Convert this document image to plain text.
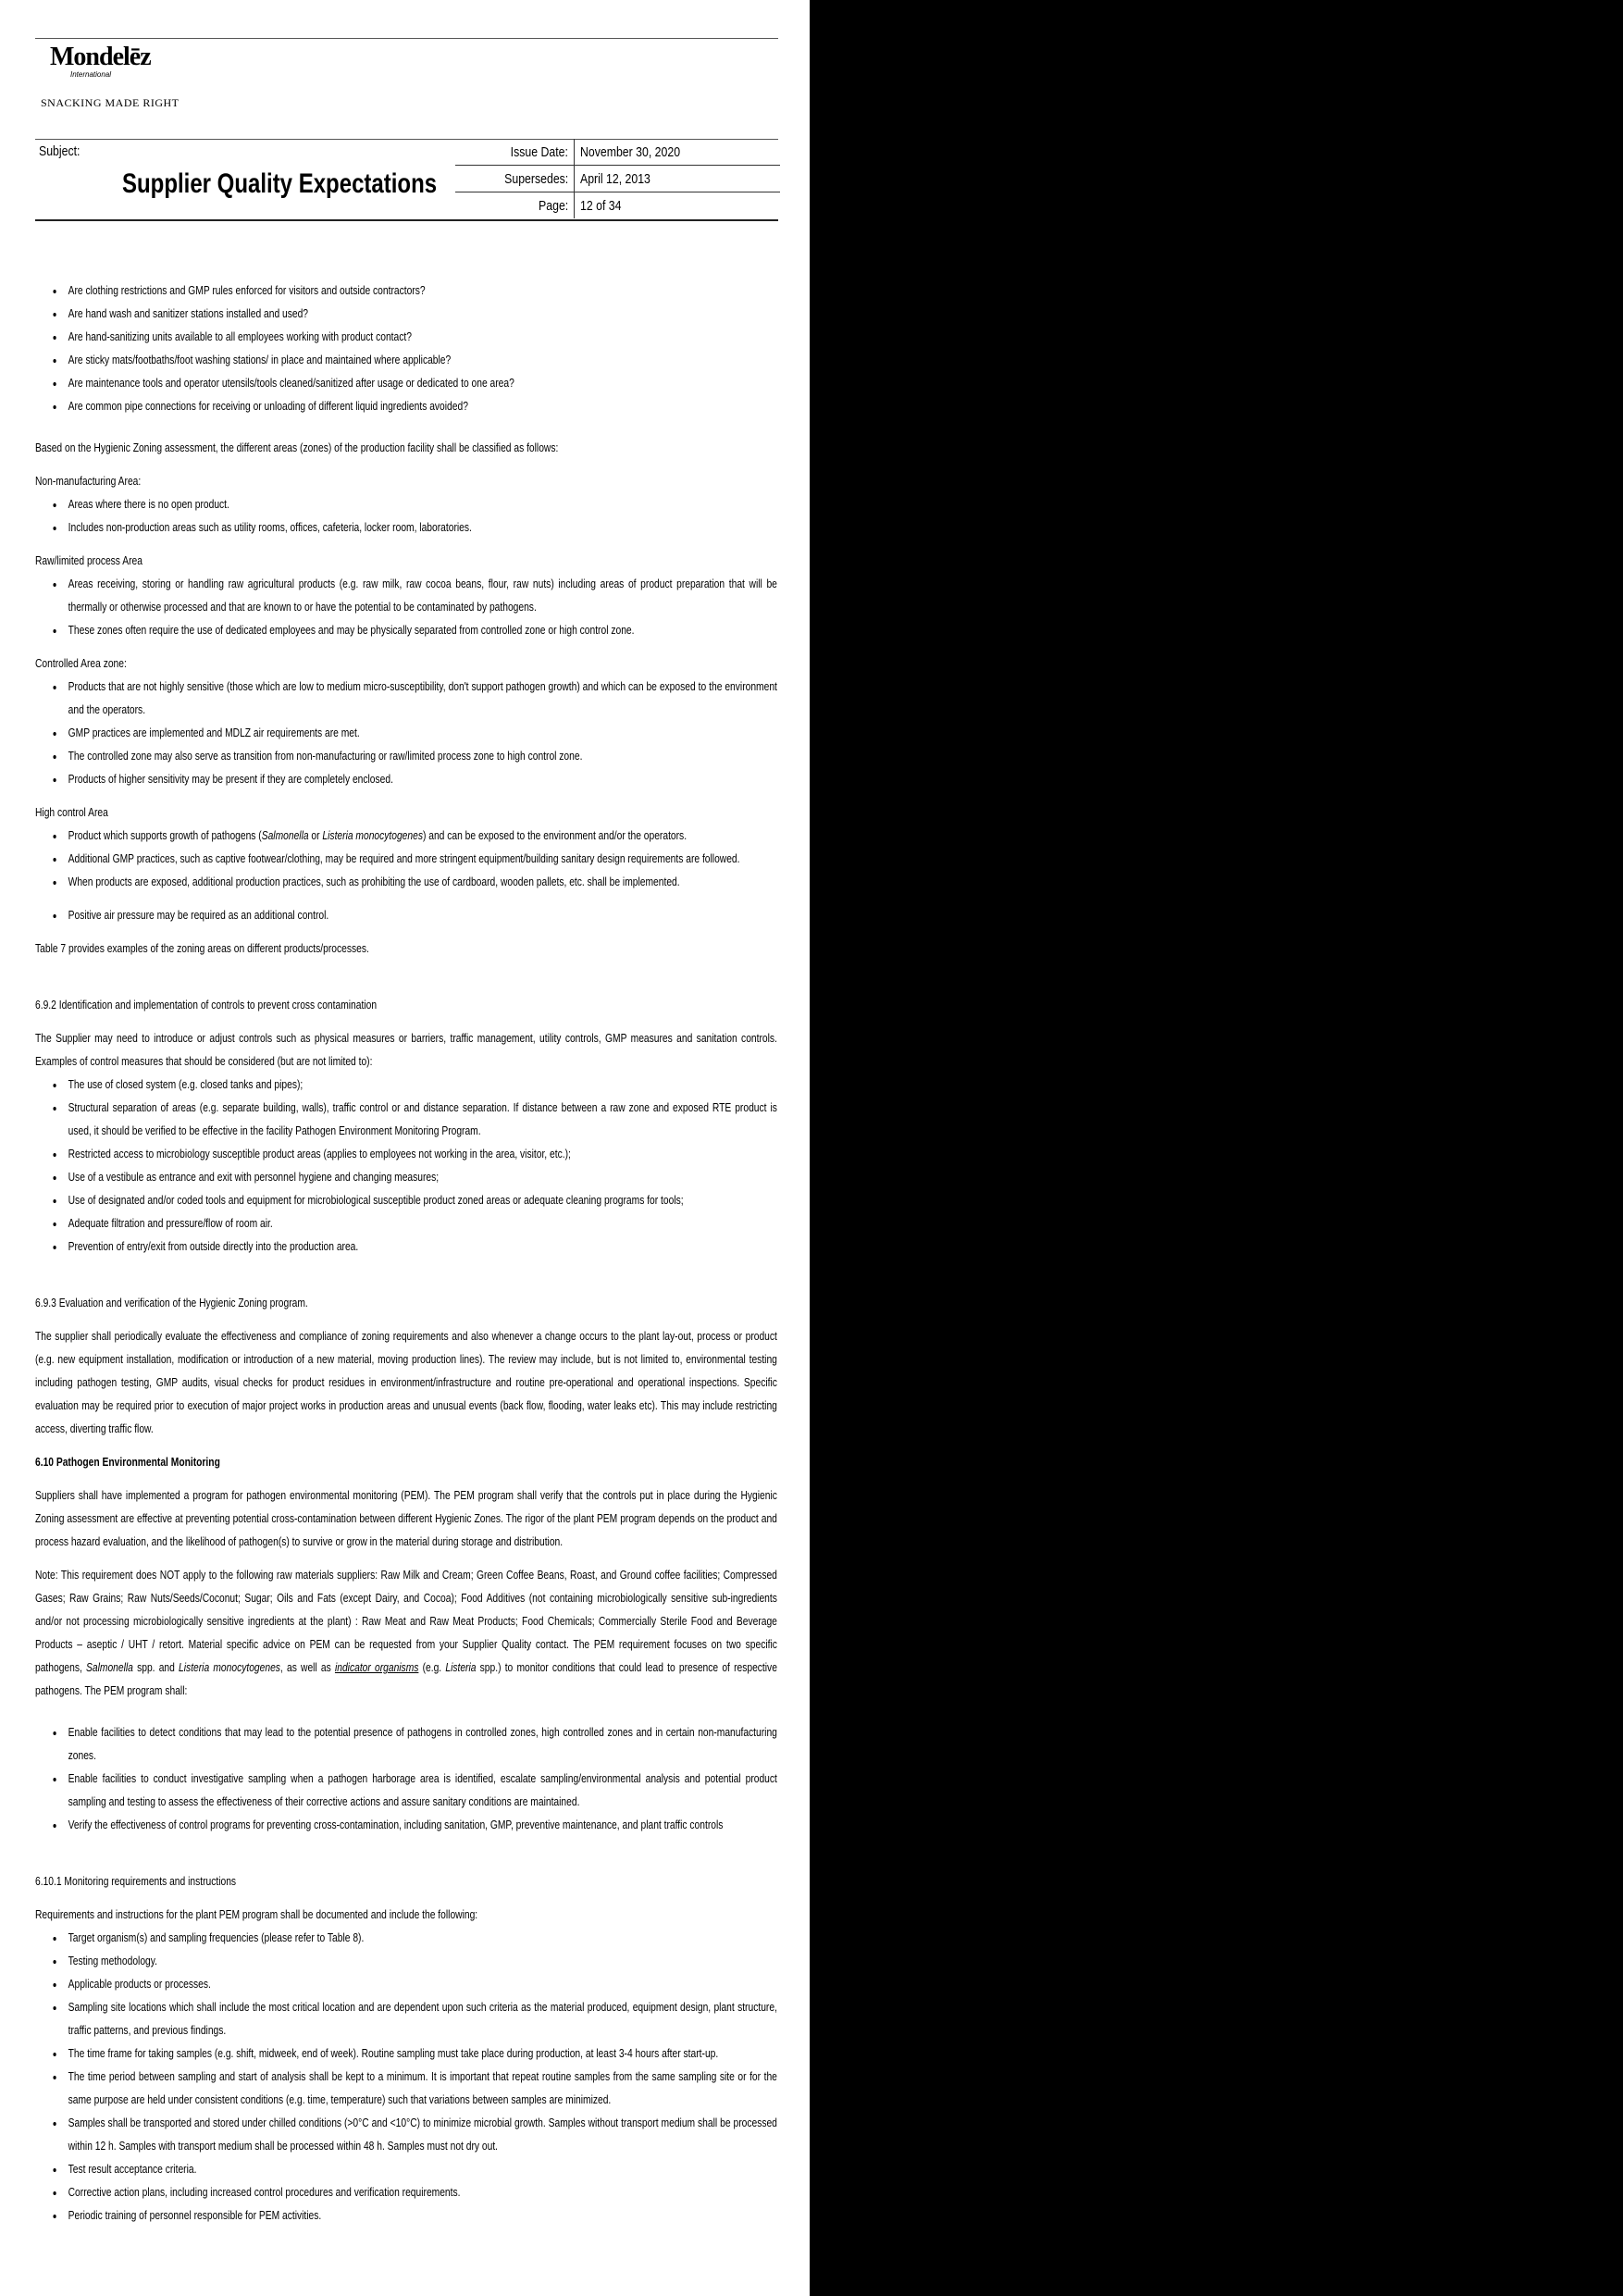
Mondelēz
International
SNACKING MADE RIGHT
Subject:
Supplier Quality Expectations
Issue Date:	November 30, 2020
Supersedes:	April 12, 2013
Page:	12 of 34
• Are clothing restrictions and GMP rules enforced for visitors and outside contractors?
• Are hand wash and sanitizer stations installed and used?
• Are hand-sanitizing units available to all employees working with product contact?
• Are sticky mats/footbaths/foot washing stations/ in place and maintained where applicable?
• Are maintenance tools and operator utensils/tools cleaned/sanitized after usage or dedicated to one area?
• Are common pipe connections for receiving or unloading of different liquid ingredients avoided?

Based on the Hygienic Zoning assessment, the different areas (zones) of the production facility shall be classified as follows:

Non-manufacturing Area:

• Areas where there is no open product.
• Includes non-production areas such as utility rooms, offices, cafeteria, locker room, laboratories.

Raw/limited process Area

• Areas receiving, storing or handling raw agricultural products (e.g. raw milk, raw cocoa beans, flour, raw nuts) including areas of product preparation that will be thermally or otherwise processed and that are known to or have the potential to be contaminated by pathogens.
• These zones often require the use of dedicated employees and may be physically separated from controlled zone or high control zone.

Controlled Area zone:

• Products that are not highly sensitive (those which are low to medium micro-susceptibility, don't support pathogen growth) and which can be exposed to the environment and the operators.
• GMP practices are implemented and MDLZ air requirements are met.
• The controlled zone may also serve as transition from non-manufacturing or raw/limited process zone to high control zone.
• Products of higher sensitivity may be present if they are completely enclosed.

High control Area

• Product which supports growth of pathogens (Salmonella or Listeria monocytogenes) and can be exposed to the environment and/or the operators.
• Additional GMP practices, such as captive footwear/clothing, may be required and more stringent equipment/building sanitary design requirements are followed.
• When products are exposed, additional production practices, such as prohibiting the use of cardboard, wooden pallets, etc. shall be implemented.
• Positive air pressure may be required as an additional control.

Table 7 provides examples of the zoning areas on different products/processes.

6.9.2 Identification and implementation of controls to prevent cross contamination

The Supplier may need to introduce or adjust controls such as physical measures or barriers, traffic management, utility controls, GMP measures and sanitation controls. Examples of control measures that should be considered (but are not limited to):

• The use of closed system (e.g. closed tanks and pipes);
• Structural separation of areas (e.g. separate building, walls), traffic control or and distance separation. If distance between a raw zone and exposed RTE product is used, it should be verified to be effective in the facility Pathogen Environment Monitoring Program.
• Restricted access to microbiology susceptible product areas (applies to employees not working in the area, visitor, etc.);
• Use of a vestibule as entrance and exit with personnel hygiene and changing measures;
• Use of designated and/or coded tools and equipment for microbiological susceptible product zoned areas or adequate cleaning programs for tools;
• Adequate filtration and pressure/flow of room air.
• Prevention of entry/exit from outside directly into the production area.

6.9.3 Evaluation and verification of the Hygienic Zoning program.

The supplier shall periodically evaluate the effectiveness and compliance of zoning requirements and also whenever a change occurs to the plant lay-out, process or product (e.g. new equipment installation, modification or introduction of a new material, moving production lines). The review may include, but is not limited to, environmental testing including pathogen testing, GMP audits, visual checks for product residues in environment/infrastructure and routine pre-operational and operational inspections. Specific evaluation may be required prior to execution of major project works in production areas and unusual events (back flow, flooding, water leaks etc). This may include restricting access, diverting traffic flow.

6.10 Pathogen Environmental Monitoring

Suppliers shall have implemented a program for pathogen environmental monitoring (PEM). The PEM program shall verify that the controls put in place during the Hygienic Zoning assessment are effective at preventing potential cross-contamination between different Hygienic Zones. The rigor of the plant PEM program depends on the product and process hazard evaluation, and the likelihood of pathogen(s) to survive or grow in the material during storage and distribution.

Note: This requirement does NOT apply to the following raw materials suppliers: Raw Milk and Cream; Green Coffee Beans, Roast, and Ground coffee facilities; Compressed Gases; Raw Grains; Raw Nuts/Seeds/Coconut; Sugar; Oils and Fats (except Dairy, and Cocoa); Food Additives (not containing microbiologically sensitive sub-ingredients and/or not processing microbiologically sensitive ingredients at the plant) : Raw Meat and Raw Meat Products; Food Chemicals; Commercially Sterile Food and Beverage Products – aseptic / UHT / retort. Material specific advice on PEM can be requested from your Supplier Quality contact. The PEM requirement focuses on two specific pathogens, Salmonella spp. and Listeria monocytogenes, as well as indicator organisms (e.g. Listeria spp.) to monitor conditions that could lead to presence of respective pathogens. The PEM program shall:

• Enable facilities to detect conditions that may lead to the potential presence of pathogens in controlled zones, high controlled zones and in certain non-manufacturing zones.
• Enable facilities to conduct investigative sampling when a pathogen harborage area is identified, escalate sampling/environmental analysis and potential product sampling and testing to assess the effectiveness of their corrective actions and assure sanitary conditions are maintained.
• Verify the effectiveness of control programs for preventing cross-contamination, including sanitation, GMP, preventive maintenance, and plant traffic controls

6.10.1 Monitoring requirements and instructions

Requirements and instructions for the plant PEM program shall be documented and include the following:

• Target organism(s) and sampling frequencies (please refer to Table 8).
• Testing methodology.
• Applicable products or processes.
• Sampling site locations which shall include the most critical location and are dependent upon such criteria as the material produced, equipment design, plant structure, traffic patterns, and previous findings.
• The time frame for taking samples (e.g. shift, midweek, end of week). Routine sampling must take place during production, at least 3-4 hours after start-up.
• The time period between sampling and start of analysis shall be kept to a minimum. It is important that repeat routine samples from the same sampling site or for the same purpose are held under consistent conditions (e.g. time, temperature) such that variations between samples are minimized.
• Samples shall be transported and stored under chilled conditions (>0°C and <10°C) to minimize microbial growth. Samples without transport medium shall be processed within 12 h. Samples with transport medium shall be processed within 48 h. Samples must not dry out.
• Test result acceptance criteria.
• Corrective action plans, including increased control procedures and verification requirements.
• Periodic training of personnel responsible for PEM activities.
